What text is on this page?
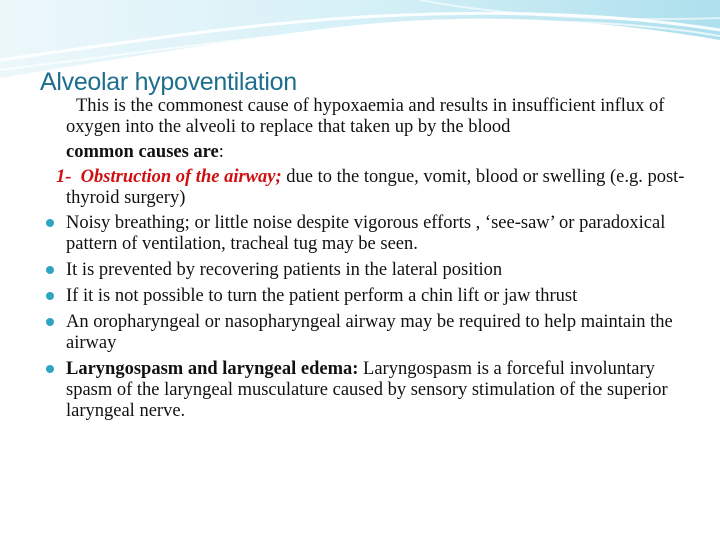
Alveolar hypoventilation

This is the commonest cause of hypoxaemia and results in insufficient influx of oxygen into the alveoli to replace that taken up by the blood

common causes are:

1- Obstruction of the airway; due to the tongue, vomit, blood or swelling (e.g. post-thyroid surgery)

Noisy breathing; or little noise despite vigorous efforts , ‘see-saw’ or paradoxical pattern of ventilation, tracheal tug may be seen.
It is prevented by recovering patients in the lateral position
If it is not possible to turn the patient perform a chin lift or jaw thrust
An oropharyngeal or nasopharyngeal airway may be required to help maintain the airway
Laryngospasm and laryngeal edema: Laryngospasm is a forceful involuntary spasm of the laryngeal musculature caused by sensory stimulation of the superior laryngeal nerve.
